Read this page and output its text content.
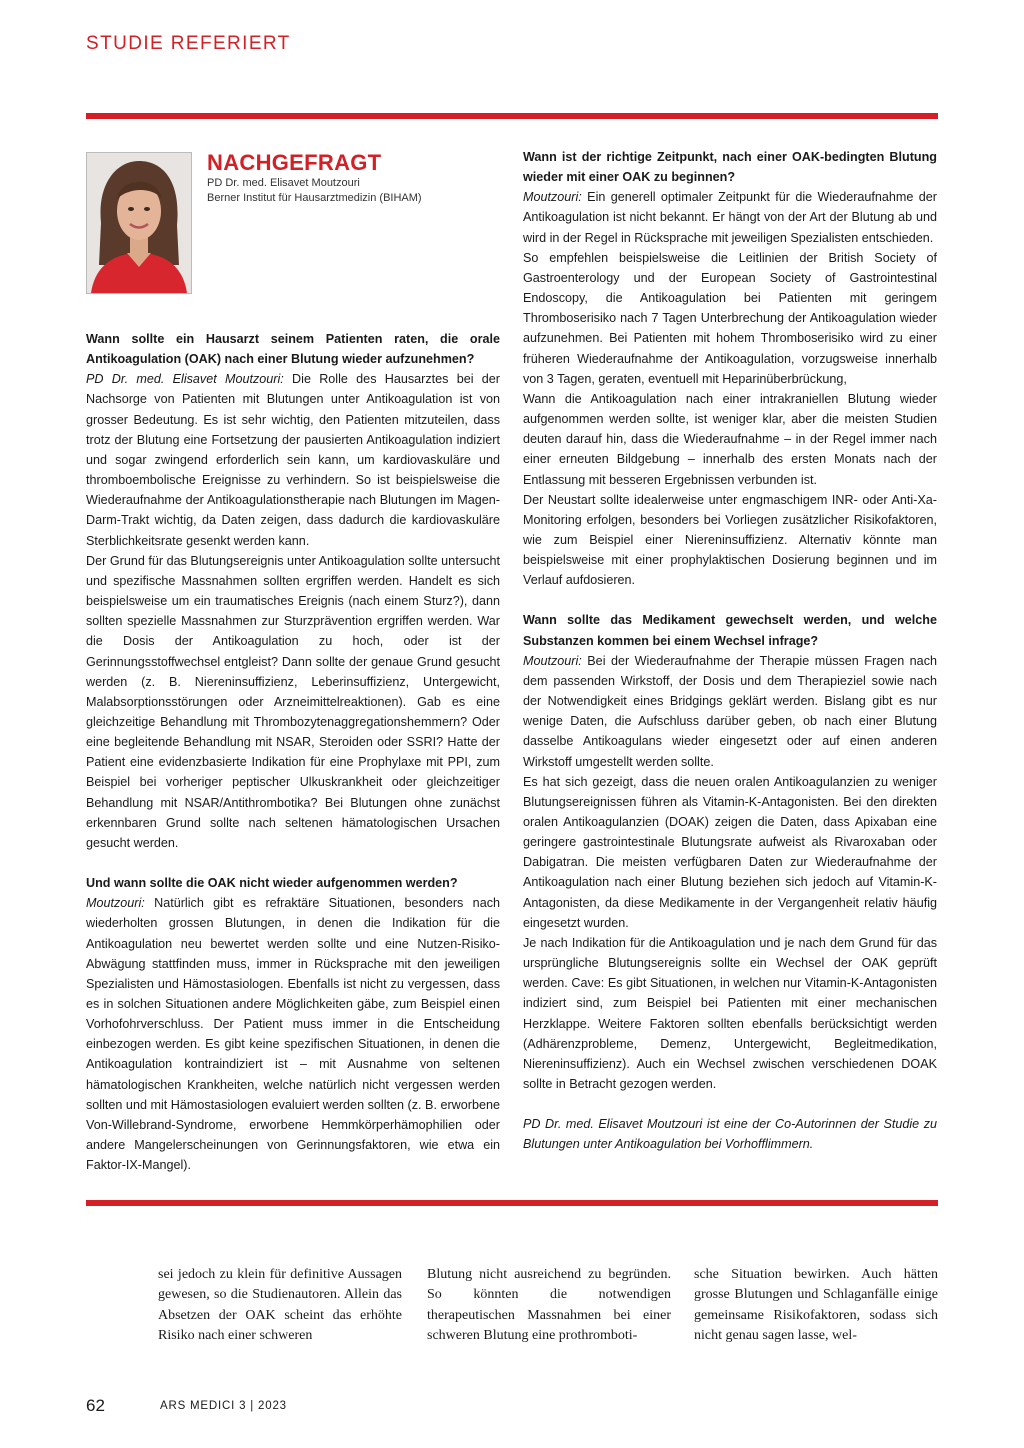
STUDIE REFERIERT
NACHGEFRAGT
PD Dr. med. Elisavet Moutzouri
Berner Institut für Hausarztmedizin (BIHAM)

Wann sollte ein Hausarzt seinem Patienten raten, die orale Antikoagulation (OAK) nach einer Blutung wieder aufzunehmen?

PD Dr. med. Elisavet Moutzouri: Die Rolle des Hausarztes bei der Nachsorge von Patienten mit Blutungen unter Antikoagulation ist von grosser Bedeutung. Es ist sehr wichtig, den Patienten mitzuteilen, dass trotz der Blutung eine Fortsetzung der pausierten Antikoagulation indiziert und sogar zwingend erforderlich sein kann, um kardiovaskuläre und thromboembolische Ereignisse zu verhindern. So ist beispielsweise die Wiederaufnahme der Antikoagulationstherapie nach Blutungen im Magen-Darm-Trakt wichtig, da Daten zeigen, dass dadurch die kardiovaskuläre Sterblichkeitsrate gesenkt werden kann.

Der Grund für das Blutungsereignis unter Antikoagulation sollte untersucht und spezifische Massnahmen sollten ergriffen werden. Handelt es sich beispielsweise um ein traumatisches Ereignis (nach einem Sturz?), dann sollten spezielle Massnahmen zur Sturzprävention ergriffen werden. War die Dosis der Antikoagulation zu hoch, oder ist der Gerinnungsstoffwechsel entgleist? Dann sollte der genaue Grund gesucht werden (z. B. Niereninsuffizienz, Leberinsuffizienz, Untergewicht, Malabsorptionsstörungen oder Arzneimittelreaktionen). Gab es eine gleichzeitige Behandlung mit Thrombozytenaggregationshemmern? Oder eine begleitende Behandlung mit NSAR, Steroiden oder SSRI? Hatte der Patient eine evidenzbasierte Indikation für eine Prophylaxe mit PPI, zum Beispiel bei vorheriger peptischer Ulkuskrankheit oder gleichzeitiger Behandlung mit NSAR/Antithrombotika? Bei Blutungen ohne zunächst erkennbaren Grund sollte nach seltenen hämatologischen Ursachen gesucht werden.

Und wann sollte die OAK nicht wieder aufgenommen werden?

Moutzouri: Natürlich gibt es refraktäre Situationen, besonders nach wiederholten grossen Blutungen, in denen die Indikation für die Antikoagulation neu bewertet werden sollte und eine Nutzen-Risiko-Abwägung stattfinden muss, immer in Rücksprache mit den jeweiligen Spezialisten und Hämostasiologen. Ebenfalls ist nicht zu vergessen, dass es in solchen Situationen andere Möglichkeiten gäbe, zum Beispiel einen Vorhofohrverschluss. Der Patient muss immer in die Entscheidung einbezogen werden. Es gibt keine spezifischen Situationen, in denen die Antikoagulation kontraindiziert ist – mit Ausnahme von seltenen hämatologischen Krankheiten, welche natürlich nicht vergessen werden sollten und mit Hämostasiologen evaluiert werden sollten (z. B. erworbene Von-Willebrand-Syndrome, erworbene Hemmkörperhämophilien oder andere Mangelerscheinungen von Gerinnungsfaktoren, wie etwa ein Faktor-IX-Mangel).

Wann ist der richtige Zeitpunkt, nach einer OAK-bedingten Blutung wieder mit einer OAK zu beginnen?

Moutzouri: Ein generell optimaler Zeitpunkt für die Wiederaufnahme der Antikoagulation ist nicht bekannt. Er hängt von der Art der Blutung ab und wird in der Regel in Rücksprache mit jeweiligen Spezialisten entschieden.

So empfehlen beispielsweise die Leitlinien der British Society of Gastroenterology und der European Society of Gastrointestinal Endoscopy, die Antikoagulation bei Patienten mit geringem Thromboserisiko nach 7 Tagen Unterbrechung der Antikoagulation wieder aufzunehmen. Bei Patienten mit hohem Thromboserisiko wird zu einer früheren Wiederaufnahme der Antikoagulation, vorzugsweise innerhalb von 3 Tagen, geraten, eventuell mit Heparinüberbrückung,

Wann die Antikoagulation nach einer intrakraniellen Blutung wieder aufgenommen werden sollte, ist weniger klar, aber die meisten Studien deuten darauf hin, dass die Wiederaufnahme – in der Regel immer nach einer erneuten Bildgebung – innerhalb des ersten Monats nach der Entlassung mit besseren Ergebnissen verbunden ist.

Der Neustart sollte idealerweise unter engmaschigem INR- oder Anti-Xa-Monitoring erfolgen, besonders bei Vorliegen zusätzlicher Risikofaktoren, wie zum Beispiel einer Niereninsuffizienz. Alternativ könnte man beispielsweise mit einer prophylaktischen Dosierung beginnen und im Verlauf aufdosieren.

Wann sollte das Medikament gewechselt werden, und welche Substanzen kommen bei einem Wechsel infrage?

Moutzouri: Bei der Wiederaufnahme der Therapie müssen Fragen nach dem passenden Wirkstoff, der Dosis und dem Therapieziel sowie nach der Notwendigkeit eines Bridgings geklärt werden. Bislang gibt es nur wenige Daten, die Aufschluss darüber geben, ob nach einer Blutung dasselbe Antikoagulans wieder eingesetzt oder auf einen anderen Wirkstoff umgestellt werden sollte.

Es hat sich gezeigt, dass die neuen oralen Antikoagulanzien zu weniger Blutungsereignissen führen als Vitamin-K-Antagonisten. Bei den direkten oralen Antikoagulanzien (DOAK) zeigen die Daten, dass Apixaban eine geringere gastrointestinale Blutungsrate aufweist als Rivaroxaban oder Dabigatran. Die meisten verfügbaren Daten zur Wiederaufnahme der Antikoagulation nach einer Blutung beziehen sich jedoch auf Vitamin-K-Antagonisten, da diese Medikamente in der Vergangenheit relativ häufig eingesetzt wurden.

Je nach Indikation für die Antikoagulation und je nach dem Grund für das ursprüngliche Blutungsereignis sollte ein Wechsel der OAK geprüft werden. Cave: Es gibt Situationen, in welchen nur Vitamin-K-Antagonisten indiziert sind, zum Beispiel bei Patienten mit einer mechanischen Herzklappe. Weitere Faktoren sollten ebenfalls berücksichtigt werden (Adhärenzprobleme, Demenz, Untergewicht, Begleitmedikation, Niereninsuffizienz). Auch ein Wechsel zwischen verschiedenen DOAK sollte in Betracht gezogen werden.

PD Dr. med. Elisavet Moutzouri ist eine der Co-Autorinnen der Studie zu Blutungen unter Antikoagulation bei Vorhofflimmern.

sei jedoch zu klein für definitive Aussagen gewesen, so die Studienautoren. Allein das Absetzen der OAK scheint das erhöhte Risiko nach einer schweren

Blutung nicht ausreichend zu begründen. So könnten die notwendigen therapeutischen Massnahmen bei einer schweren Blutung eine prothromboti-

sche Situation bewirken. Auch hätten grosse Blutungen und Schlaganfälle einige gemeinsame Risikofaktoren, sodass sich nicht genau sagen lasse, wel-

62	ARS MEDICI 3 | 2023
